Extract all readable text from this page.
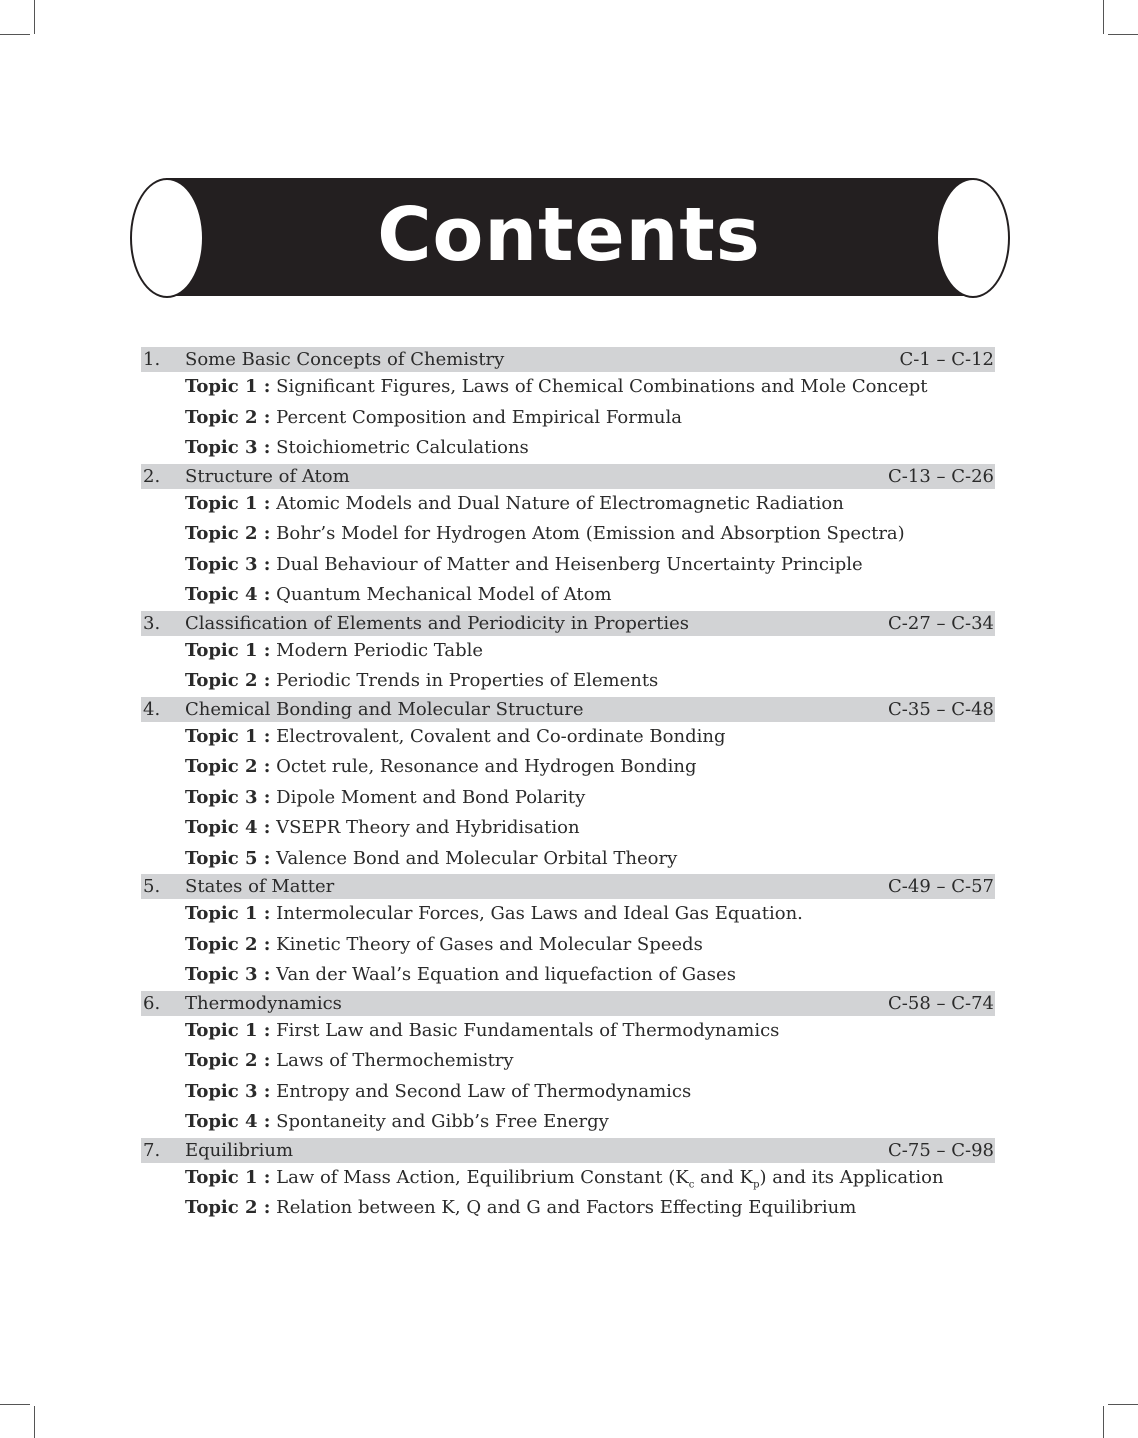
Contents
1.	Some Basic Concepts of Chemistry	C-1 – C-12
Topic 1 : Significant Figures, Laws of Chemical Combinations and Mole Concept
Topic 2 : Percent Composition and Empirical Formula
Topic 3 : Stoichiometric Calculations
2.	Structure of Atom	C-13 – C-26
Topic 1 : Atomic Models and Dual Nature of Electromagnetic Radiation
Topic 2 : Bohr’s Model for Hydrogen Atom (Emission and Absorption Spectra)
Topic 3 : Dual Behaviour of Matter and Heisenberg Uncertainty Principle
Topic 4 : Quantum Mechanical Model of Atom
3.	Classification of Elements and Periodicity in Properties	C-27 – C-34
Topic 1 : Modern Periodic Table
Topic 2 : Periodic Trends in Properties of Elements
4.	Chemical Bonding and Molecular Structure	C-35 – C-48
Topic 1 : Electrovalent, Covalent and Co-ordinate Bonding
Topic 2 : Octet rule, Resonance and Hydrogen Bonding
Topic 3 : Dipole Moment and Bond Polarity
Topic 4 : VSEPR Theory and Hybridisation
Topic 5 : Valence Bond and Molecular Orbital Theory
5.	States of Matter	C-49 – C-57
Topic 1 : Intermolecular Forces, Gas Laws and Ideal Gas Equation.
Topic 2 : Kinetic Theory of Gases and Molecular Speeds
Topic 3 : Van der Waal’s Equation and liquefaction of Gases
6.	Thermodynamics	C-58 – C-74
Topic 1 : First Law and Basic Fundamentals of Thermodynamics
Topic 2 : Laws of Thermochemistry
Topic 3 : Entropy and Second Law of Thermodynamics
Topic 4 : Spontaneity and Gibb’s Free Energy
7.	Equilibrium	C-75 – C-98
Topic 1 : Law of Mass Action, Equilibrium Constant ($K_c$ and $K_p$) and its Application
Topic 2 : Relation between K, Q and G and Factors Effecting Equilibrium
